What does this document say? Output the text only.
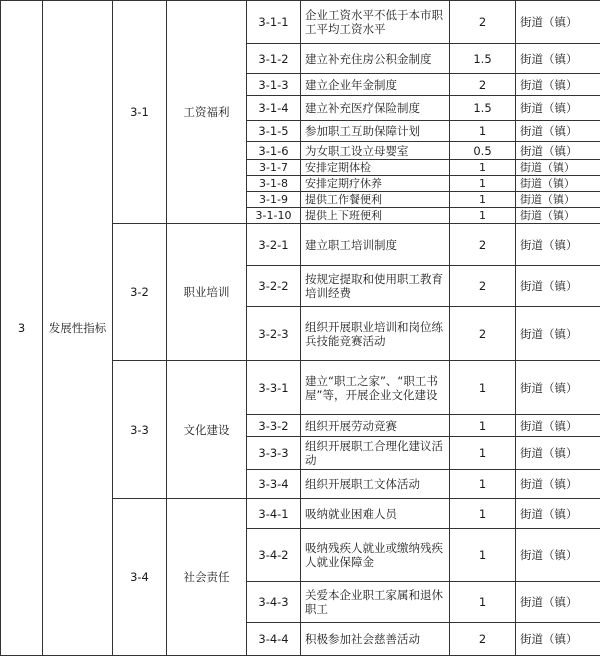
3	发展性指标	3-1	工资福利	3-1-1	企业工资水平不低于本市职工平均工资水平	2	街道（镇）
				3-1-2	建立补充住房公积金制度	1.5	街道（镇）
				3-1-3	建立企业年金制度	2	街道（镇）
				3-1-4	建立补充医疗保险制度	1.5	街道（镇）
				3-1-5	参加职工互助保障计划	1	街道（镇）
				3-1-6	为女职工设立母婴室	0.5	街道（镇）
				3-1-7	安排定期体检	1	街道（镇）
				3-1-8	安排定期疗休养	1	街道（镇）
				3-1-9	提供工作餐便利	1	街道（镇）
				3-1-10	提供上下班便利	1	街道（镇）
		3-2	职业培训	3-2-1	建立职工培训制度	2	街道（镇）
				3-2-2	按规定提取和使用职工教育培训经费	2	街道（镇）
				3-2-3	组织开展职业培训和岗位练兵技能竞赛活动	2	街道（镇）
		3-3	文化建设	3-3-1	建立“职工之家”、“职工书屋”等，开展企业文化建设	1	街道（镇）
				3-3-2	组织开展劳动竞赛	1	街道（镇）
				3-3-3	组织开展职工合理化建议活动	1	街道（镇）
				3-3-4	组织开展职工文体活动	1	街道（镇）
		3-4	社会责任	3-4-1	吸纳就业困难人员	1	街道（镇）
				3-4-2	吸纳残疾人就业或缴纳残疾人就业保障金	1	街道（镇）
				3-4-3	关爱本企业职工家属和退休职工	1	街道（镇）
				3-4-4	积极参加社会慈善活动	2	街道（镇）
